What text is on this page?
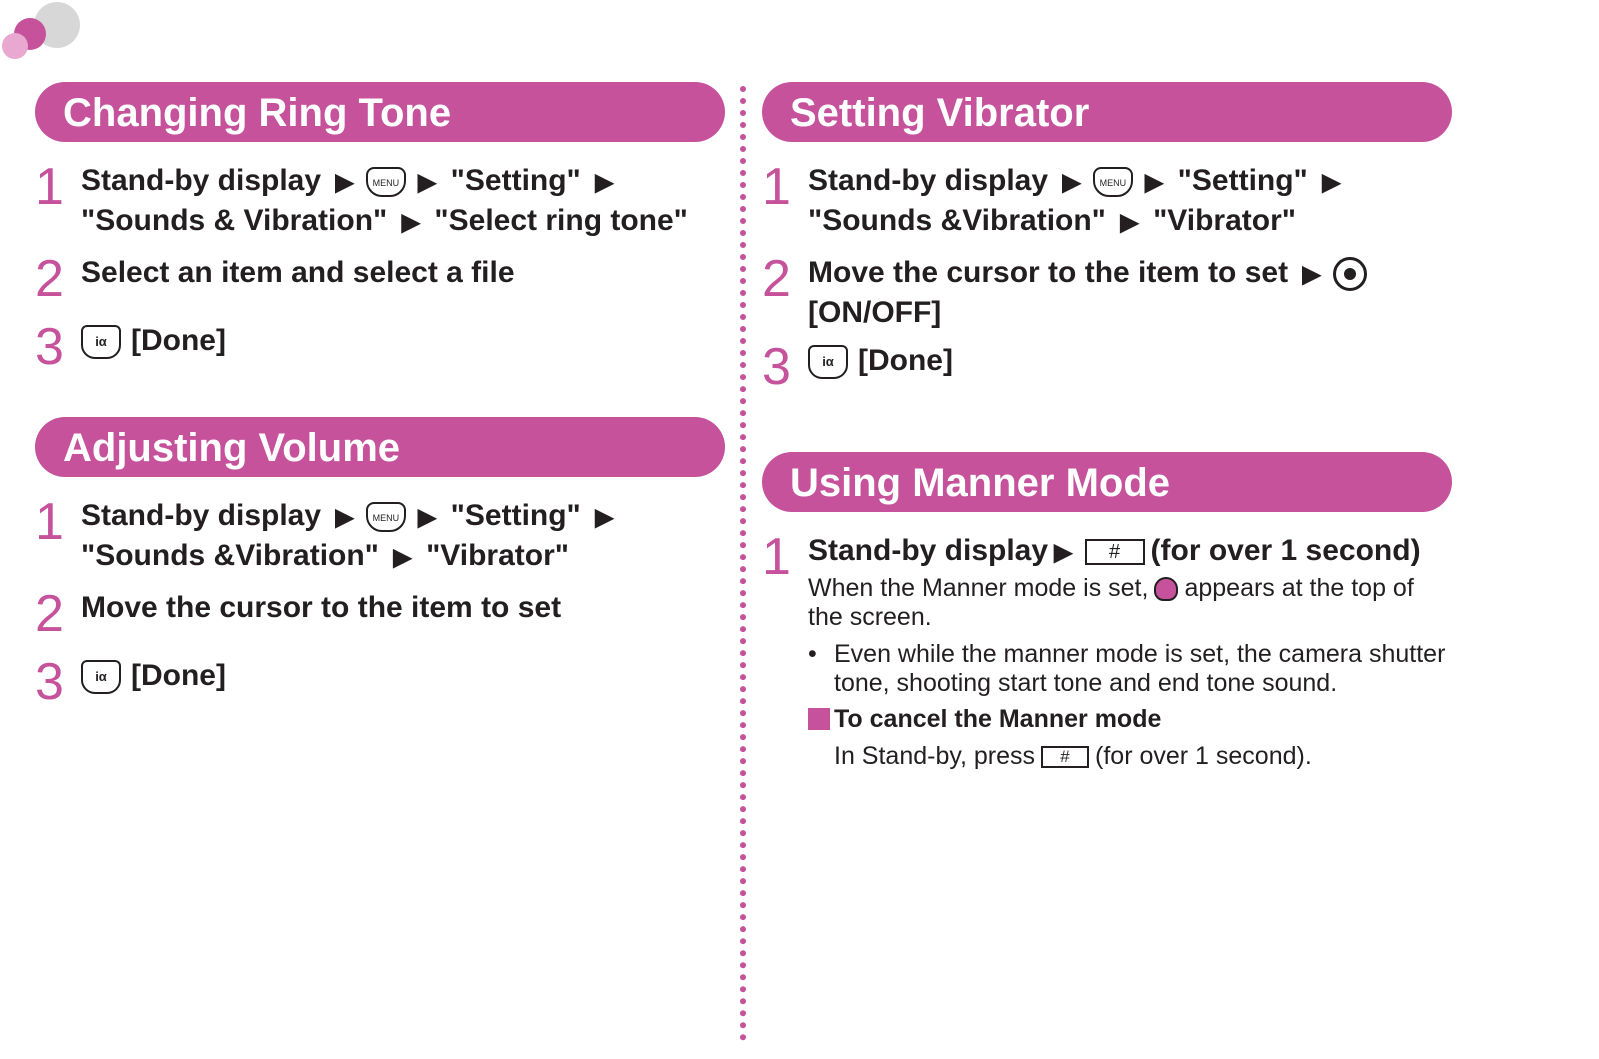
Changing Ring Tone
1 Stand-by display ▶ MENU ▶ "Setting" ▶
"Sounds & Vibration" ▶ "Select ring tone"
2 Select an item and select a file
3	iα [Done]
Adjusting Volume
1 Stand-by display ▶ MENU ▶ "Setting" ▶
"Sounds &Vibration" ▶ "Vibrator"
2 Move the cursor to the item to set
3	iα [Done]
Setting Vibrator
1 Stand-by display ▶ MENU ▶ "Setting" ▶
"Sounds &Vibration" ▶ "Vibrator"
2 Move the cursor to the item to set ▶
[ON/OFF]
3	iα [Done]
Using Manner Mode
1 Stand-by display ▶ # (for over 1 second)
When the Manner mode is set, appears at the top of the screen.
• Even while the manner mode is set, the camera shutter tone, shooting start tone and end tone sound.
To cancel the Manner mode
In Stand-by, press # (for over 1 second).
